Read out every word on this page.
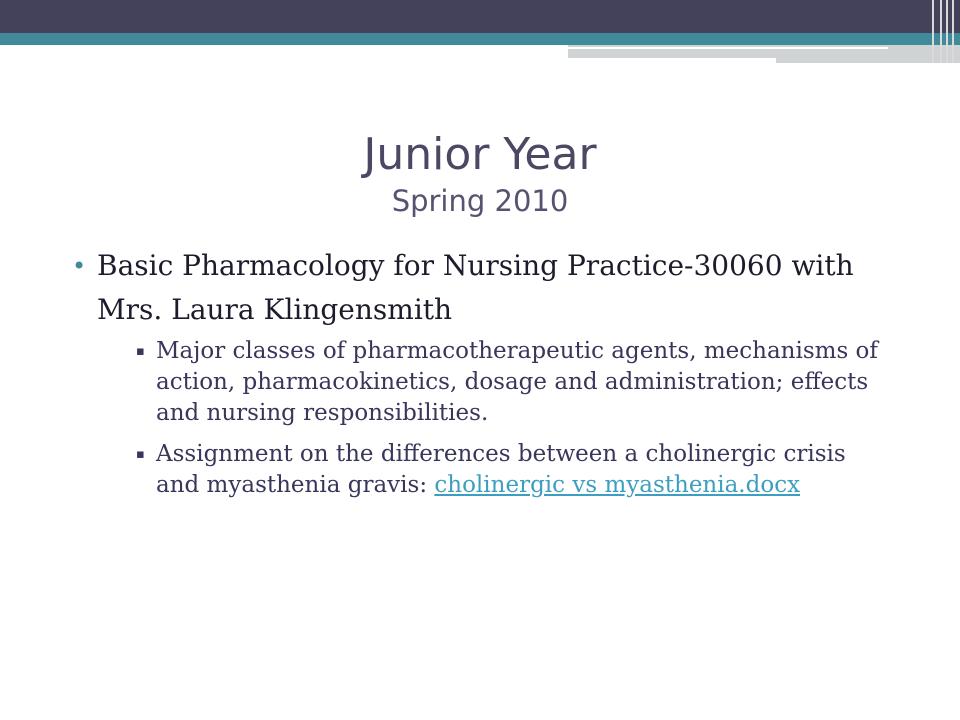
Junior Year
Spring 2010
• Basic Pharmacology for Nursing Practice-30060 with Mrs. Laura Klingensmith
▪ Major classes of pharmacotherapeutic agents, mechanisms of action, pharmacokinetics, dosage and administration; effects and nursing responsibilities.
▪ Assignment on the differences between a cholinergic crisis and myasthenia gravis: cholinergic vs myasthenia.docx
